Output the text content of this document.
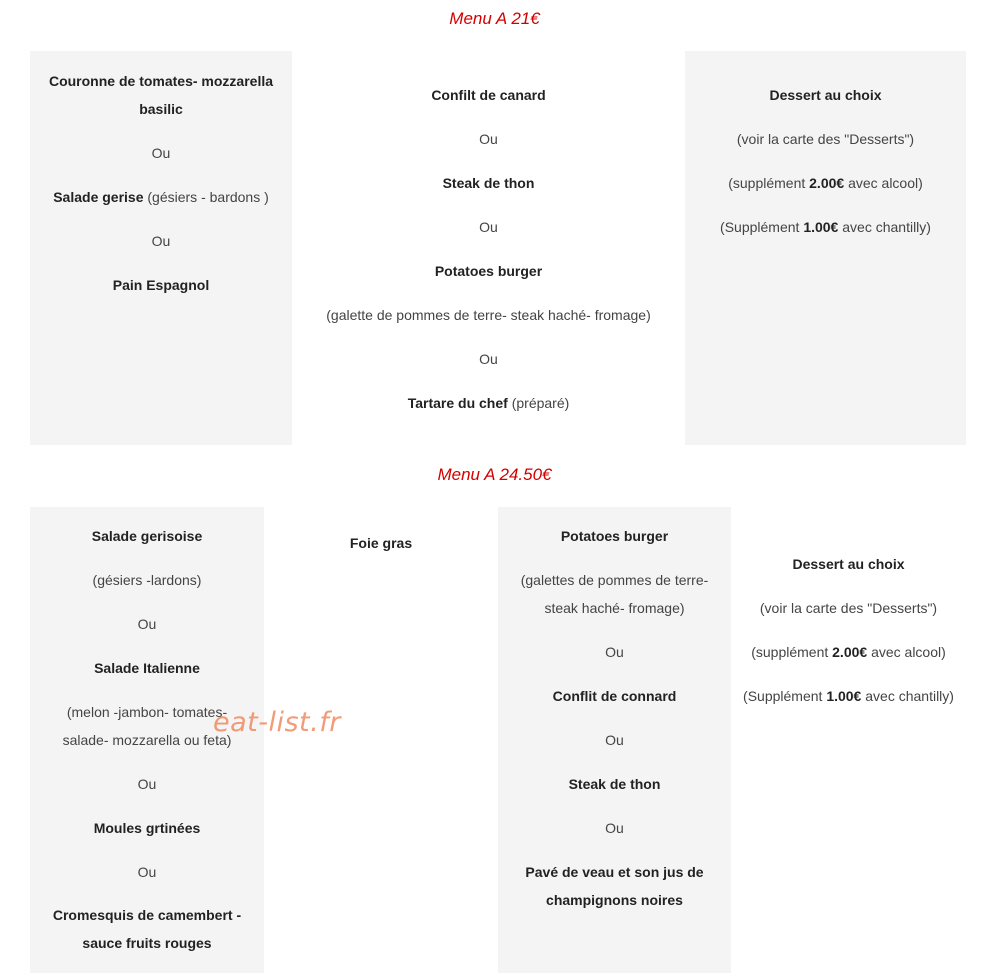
Menu A 21€

Couronne de tomates- mozzarella

basilic

Ou

Salade gerise (gésiers - bardons )

Ou

Pain Espagnol

Confilt de canard

Ou

Steak de thon

Ou

Potatoes burger

(galette de pommes de terre- steak haché- fromage)

Ou

Tartare du chef (préparé)

Dessert au choix

(voir la carte des "Desserts")

(supplément 2.00€ avec alcool)

(Supplément 1.00€ avec chantilly)

Menu A 24.50€

Salade gerisoise

(gésiers -lardons)

Ou

Salade Italienne

(melon -jambon- tomates-

salade- mozzarella ou feta)

Ou

Moules grtinées

Ou

Cromesquis de camembert -

sauce fruits rouges

Foie gras	Potatoes burger

(galettes de pommes de terre-

steak haché- fromage)

Ou

Conflit de connard

Ou

Steak de thon

Ou

Pavé de veau et son jus de

champignons noires

Dessert au choix

(voir la carte des "Desserts")

(supplément 2.00€ avec alcool)

(Supplément 1.00€ avec chantilly)

eat-list.fr
